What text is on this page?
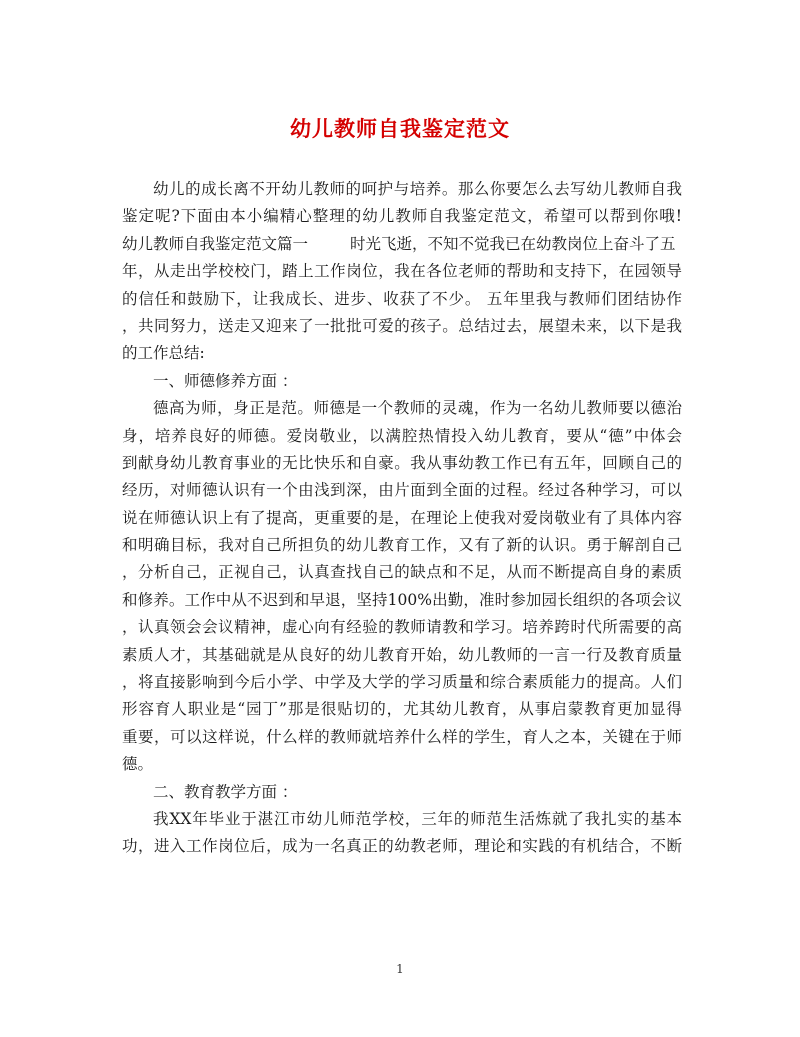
幼儿教师自我鉴定范文
幼儿的成长离不开幼儿教师的呵护与培养。那么你要怎么去写幼儿教师自我
鉴定呢?下面由本小编精心整理的幼儿教师自我鉴定范文，希望可以帮到你哦!
幼儿教师自我鉴定范文篇一	时光飞逝，不知不觉我已在幼教岗位上奋斗了五
年，从走出学校校门，踏上工作岗位，我在各位老师的帮助和支持下，在园领导
的信任和鼓励下，让我成长、进步、收获了不少。 五年里我与教师们团结协作
，共同努力，送走又迎来了一批批可爱的孩子。总结过去，展望未来，以下是我
的工作总结:
一、师德修养方面 ：
德高为师，身正是范。师德是一个教师的灵魂，作为一名幼儿教师要以德治
身，培养良好的师德。爱岗敬业，以满腔热情投入幼儿教育，要从“德”中体会
到献身幼儿教育事业的无比快乐和自豪。我从事幼教工作已有五年，回顾自己的
经历，对师德认识有一个由浅到深，由片面到全面的过程。经过各种学习，可以
说在师德认识上有了提高，更重要的是，在理论上使我对爱岗敬业有了具体内容
和明确目标，我对自己所担负的幼儿教育工作，又有了新的认识。勇于解剖自己
，分析自己，正视自己，认真查找自己的缺点和不足，从而不断提高自身的素质
和修养。工作中从不迟到和早退，坚持100%出勤，准时参加园长组织的各项会议
，认真领会会议精神，虚心向有经验的教师请教和学习。培养跨时代所需要的高
素质人才，其基础就是从良好的幼儿教育开始，幼儿教师的一言一行及教育质量
，将直接影响到今后小学、中学及大学的学习质量和综合素质能力的提高。人们
形容育人职业是“园丁”那是很贴切的，尤其幼儿教育，从事启蒙教育更加显得
重要，可以这样说，什么样的教师就培养什么样的学生，育人之本，关键在于师
德。
二、教育教学方面 ：
我XX年毕业于湛江市幼儿师范学校，三年的师范生活炼就了我扎实的基本
功，进入工作岗位后，成为一名真正的幼教老师，理论和实践的有机结合，不断
1
